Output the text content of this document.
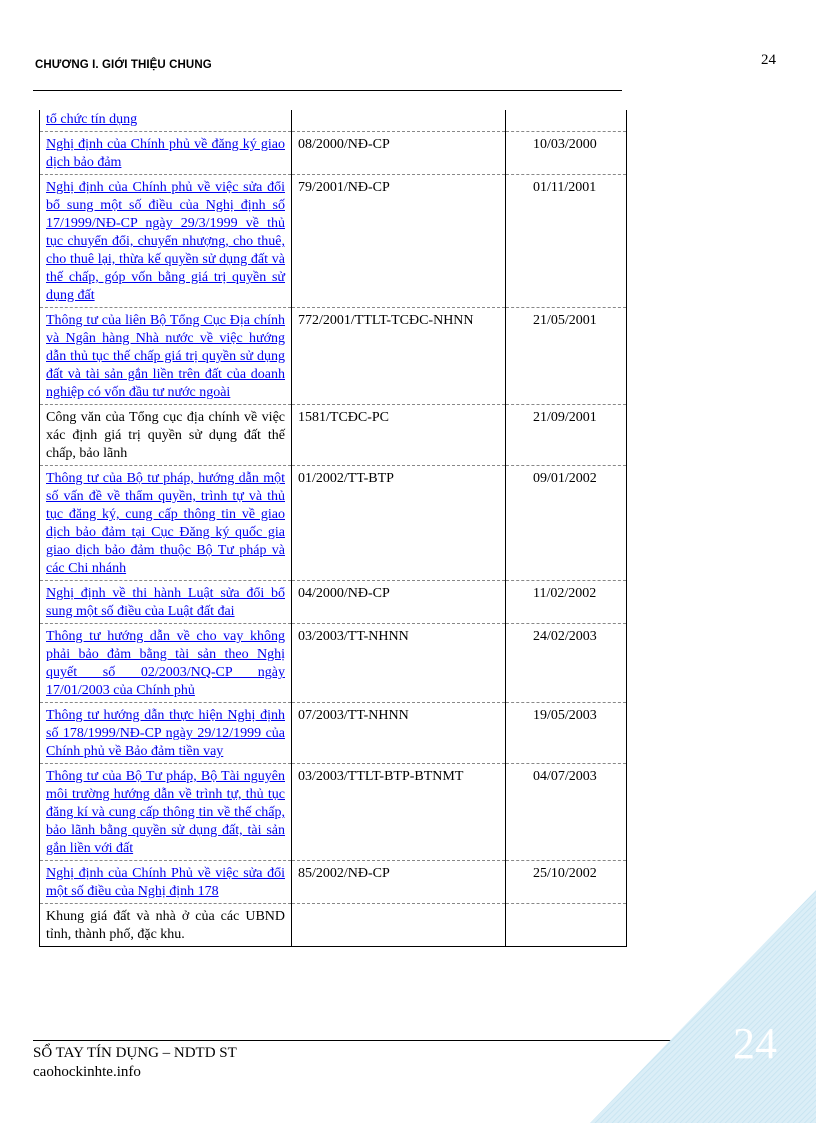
CHƯƠNG I. GIỚI THIỆU CHUNG	24
tổ chức tín dụng		
Nghị định của Chính phủ về đăng ký giao dịch bảo đảm	08/2000/NĐ-CP	10/03/2000
Nghị định của Chính phủ về việc sửa đổi bổ sung một số điều của Nghị định số 17/1999/NĐ-CP ngày 29/3/1999 về thủ tục chuyển đổi, chuyển nhượng, cho thuê, cho thuê lại, thừa kế quyền sử dụng đất và thế chấp, góp vốn bằng giá trị quyền sử dụng đất	79/2001/NĐ-CP	01/11/2001
Thông tư của liên Bộ Tổng Cục Địa chính và Ngân hàng Nhà nước về việc hướng dẫn thủ tục thế chấp giá trị quyền sử dụng đất và tài sản gắn liền trên đất của doanh nghiệp có vốn đầu tư nước ngoài	772/2001/TTLT-TCĐC-NHNN	21/05/2001
Công văn của Tổng cục địa chính về việc xác định giá trị quyền sử dụng đất thế chấp, bảo lãnh	1581/TCĐC-PC	21/09/2001
Thông tư của Bộ tư pháp, hướng dẫn một số vấn đề về thẩm quyền, trình tự và thủ tục đăng ký, cung cấp thông tin về giao dịch bảo đảm tại Cục Đăng ký quốc gia giao dịch bảo đảm thuộc Bộ Tư pháp và các Chi nhánh	01/2002/TT-BTP	09/01/2002
Nghị định về thi hành Luật sửa đổi bổ sung một số điều của Luật đất đai	04/2000/NĐ-CP	11/02/2002
Thông tư hướng dẫn về cho vay không phải bảo đảm bằng tài sản theo Nghị quyết số 02/2003/NQ-CP ngày 17/01/2003 của Chính phủ	03/2003/TT-NHNN	24/02/2003
Thông tư hướng dẫn thực hiện Nghị định số 178/1999/NĐ-CP ngày 29/12/1999 của Chính phủ về Bảo đảm tiền vay	07/2003/TT-NHNN	19/05/2003
Thông tư của Bộ Tư pháp, Bộ Tài nguyên môi trường hướng dẫn về trình tự, thủ tục đăng kí và cung cấp thông tin về thế chấp, bảo lãnh bằng quyền sử dụng đất, tài sản gắn liền với đất	03/2003/TTLT-BTP-BTNMT	04/07/2003
Nghị định của Chính Phủ về việc sửa đổi một số điều của Nghị định 178	85/2002/NĐ-CP	25/10/2002
Khung giá đất và nhà ở của các UBND tỉnh, thành phố, đặc khu.		
SỔ TAY TÍN DỤNG – NDTD ST
caohockinhte.info
24
